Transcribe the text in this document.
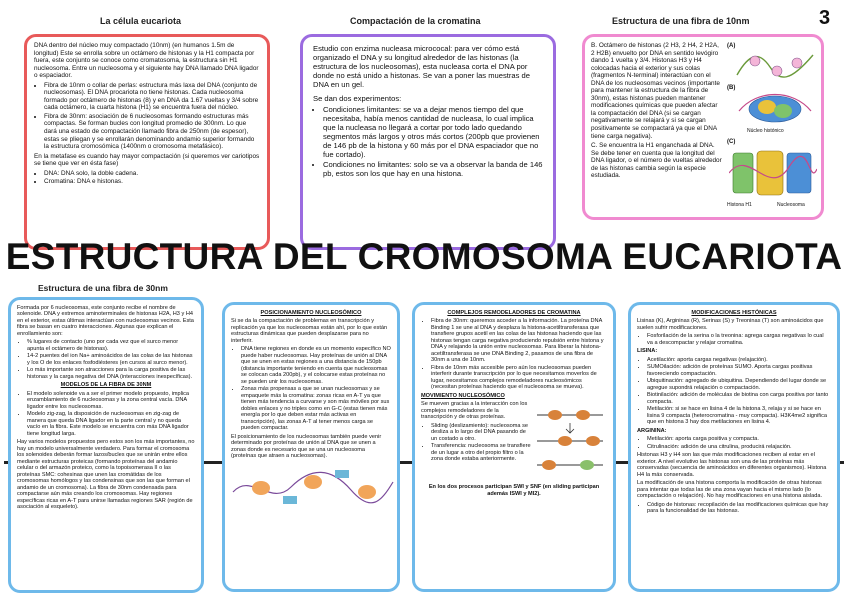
La célula eucariota	Compactación de la cromatina	Estructura de una fibra de 10nm	3

DNA dentro del núcleo muy compactado (10nm) (en humanos 1.5m de longitud) Este se enrolla sobre un octámero de histonas y la H1 compacta por fuera, este conjunto se conoce como cromatosoma, la estructura sin H1 nucleosoma. Entre un nucleosoma y el siguiente hay DNA llamado DNA ligador o espaciador.

• Fibra de 10nm o collar de perlas: estructura más laxa del DNA (conjunto de nucleosomas). El DNA procariota no tiene histonas. Cada nucleosoma formado por octámero de histonas (8) y en DNA da 1.67 vueltas y 3/4 sobre cada octámero, la cuarta histona (H1) se encuentra fuera del núcleo.
• Fibra de 30nm: asociación de 6 nucleosomas formando estructuras más compactas. Se forman bucles con longitud promedio de 300nm. Lo que dará una estado de compactación llamado fibra de 250nm (de espesor), estas se pliegan y se enrollarán denominando andamio superior formando la estructura cromosómica (1400nm o cromosoma metafásico).

En la metafase es cuando hay mayor compactación (si queremos ver cariotipos se tiene que ver en ésta fase)

• DNA: DNA solo, la doble cadena.
• Cromatina: DNA e histonas.

Estudio con enzima nucleasa micrococal: para ver cómo está organizado el DNA y su longitud alrededor de las histonas (la estructura de los nucleosomas), esta nucleasa corta el DNA por donde no está unido a histonas. Se van a poner las muestras de DNA en un gel.

Se dan dos experimentos:

• Condiciones limitantes: se va a dejar menos tiempo del que necesitaba, había menos cantidad de nucleasa, lo cual implica que la nucleasa no llegará a cortar por todo lado quedando segmentos más largos y otros más cortos (200pb que provienen de 146 pb de la histona y 60 más por el DNA espaciador que no fue cortado).
• Condiciones no limitantes: solo se va a observar la banda de 146 pb, estos son los que hay en una histona.

B. Octámero de histonas (2 H3, 2 H4, 2 H2A, 2 H2B) envuelto por DNA en sentido levógiro dando 1 vuelta y 3/4. Histonas H3 y H4 colocadas hacia el exterior y sus colas (fragmentos N-terminal) interactúan con el DNA de los nucleosomas vecinos (importante para mantener la estructura de la fibra de 30nm), estas histonas pueden mantener modificaciones químicas que pueden afectar la compactación del DNA (si se cargan negativamente se relajará y si se cargan positivamente se compactará ya que el DNA tiene carga negativa).

C. Se encuentra la H1 enganchada al DNA. Se debe tener en cuenta que la longitud del DNA ligador, o el número de vueltas alrededor de las histonas cambia según la especie estudiada.

(A)
(B)
Núcleo histónico
(C)
Histona H1	Nucleosoma
ESTRUCTURA DEL CROMOSOMA EUCARIOTA
Estructura de una fibra de 30nm

Formada por 6 nucleosomas, este conjunto recibe el nombre de solenoide. DNA y extremos aminoterminales de histonas H2A, H3 y H4 en el exterior, estas últimas interactúan con nucleosomas vecinos. Esta fibra se basan en cuatro interacciones. Algunas que explican el enrollamiento son:

• % lugares de contacto (uno por cada vez que el surco menor apunta el octámero de histonas).
• 14-2 puentes del ion Na+ aminoácidos de las colas de las histonas y los O de los enlaces fosfodiésteres (en cursos al surco menor).
• Lo más importante son atracciones para la carga positiva de las histonas y la carga negativa del DNA (interacciones inespecíficas).

MODELOS DE LA FIBRA DE 30NM

• El modelo solenoide va a ser el primer modelo propuesto, implica enzamblamiento de 6 nucleosomas y la zona central vacía. DNA ligador entre los nucleosomas.
• Modelo zig-zag, la disposición de nucleosomas en zig-zag de manera que queda DNA ligador en la parte central y no queda vacío en la fibra. Este modelo se encuentra con más DNA ligador tiene longitud larga.

Hay varios modelos propuestos pero estos son los más importantes, no hay un modelo universalmente verdadero. Para formar el cromosoma los solenoides deberán formar lazos/bucles que se unirán entre ellos mediante estructuras proteicas (formando proteínas del andamio celular o del armazón proteico, como la topoisomerasa II o las proteínas SMC: cohesinas que unen las cromátidas de los cromosomas homólogos y las condensinas que son las que forman el andamio de un cromosoma). La fibra de 30nm condensada para compactarse aún más creando los cromosomas. Hay regiones específicas ricas en A-T para unirse llamadas regiones SAR (región de asociación al esqueleto).

POSICIONAMIENTO NUCLEOSÓMICO

Si se da la compactación de problemas en transcripción y replicación ya que los nucleosomas están ahí, por lo que están estructuras dinámicas que pueden desplazarse para no interferir.

• DNA tiene regiones en donde es un momento específico NO puede haber nucleosomas. Hay proteínas de unión al DNA que se unen en estas regiones a una distancia de 150pb (distancia importante teniendo en cuenta que nucleosomas se colocan cada 200pb), y el colocarse estas proteínas no se pueden unir los nucleosomas.
• Zonas más propensas a que se unan nucleosomas y se empaquete más la cromatina: zonas ricas en A-T ya que tienen más tendencia a curvarse y son más móviles por sus dobles enlaces y no triples como en G-C (estas tienen más energía por lo que deben estar más activas en transcripción), las zonas A-T al tener menos carga se pueden compactar.

El posicionamiento de los nucleosomas también puede venir determinado por proteínas de unión al DNA que se unen a zonas donde es necesario que se una un nucleosoma (proteínas que atraen a nucleosomas).

COMPLEJOS REMODELADORES DE CROMATINA

• Fibra de 30nm: queremos acceder a la información. La proteína DNA Binding 1 se une al DNA y desplaza la histona-acetiltransferasa que transfiere grupos acetil en las colas de las histonas haciendo que las histonas tengan carga negativa produciendo repulsión entre histona y DNA y relajando la unión entre nucleosomas. Para liberar la histona-acetiltransferasa se une DNA Binding 2, pasamos de una fibra de 30nm a una de 10nm.
• Fibra de 10nm más accesible pero aún los nucleosomas pueden interferir durante transcripción por lo que necesitamos moverlos de lugar, necesitamos complejos remodeladores nucleosómicos (necesitan proteínas haciendo que el nucleosoma se mueva).

MOVIMIENTO NUCLEOSÓMICO

Se mueven gracias a la interacción con los complejos remodeladores de la transcripción y de otras proteínas.

• Sliding (deslizamiento): nucleosoma se desliza a lo largo del DNA pasando de un costado a otro.
• Transferencia: nucleosoma se transfiere de un lugar a otro del propio filtro o la zona donde estaba anteriormente.

En los dos procesos participan SWI y SNF (en sliding participan además ISWI y MI2).

MODIFICACIONES HISTÓNICAS

Lisinas (K), Argininas (R), Serinas (S) y Treoninas (T) son aminoácidos que suelen sufrir modificaciones.

• Fosforilación de la serina o la treonina: agrega cargas negativas lo cual va a descompactar y relajar cromatina.

LISINA:

• Acetilación: aporta cargas negativas (relajación).
• SUMOilación: adición de proteínas SUMO. Aporta cargas positivas favoreciendo compactación.
• Ubiquitinación: agregado de ubiquitina. Dependiendo del lugar donde se agregue supondrá relajación o compactación.
• Biotinilación: adición de moléculas de biotina con carga positiva por tanto compacta.
• Metilación: si se hace en lisina 4 de la histona 3, relaja y si se hace en lisina 9 compacta (heterocromatina - muy compacta). H3K4me2 significa que en histona 3 hay dos metilaciones en lisina 4.

ARGININA:

• Metilación: aporta carga positiva y compacta.
• Citrulinación: adición de una citrulina, producirá relajación.

Histonas H3 y H4 son las que más modificaciones reciben al estar en el exterior. A nivel evolutivo las histonas son una de las proteínas más conservadas (secuencia de aminoácidos en diferentes organismos). Histona H4 la más conservada.

La modificación de una histona comporta la modificación de otras histonas para intentar que todas las de una zona vayan hacia el mismo lado (lo compactación o relajación). No hay modificaciones en una histona aislada.

• Código de histonas: recopilación de las modificaciones químicas que hay para la funcionalidad de las histonas.
